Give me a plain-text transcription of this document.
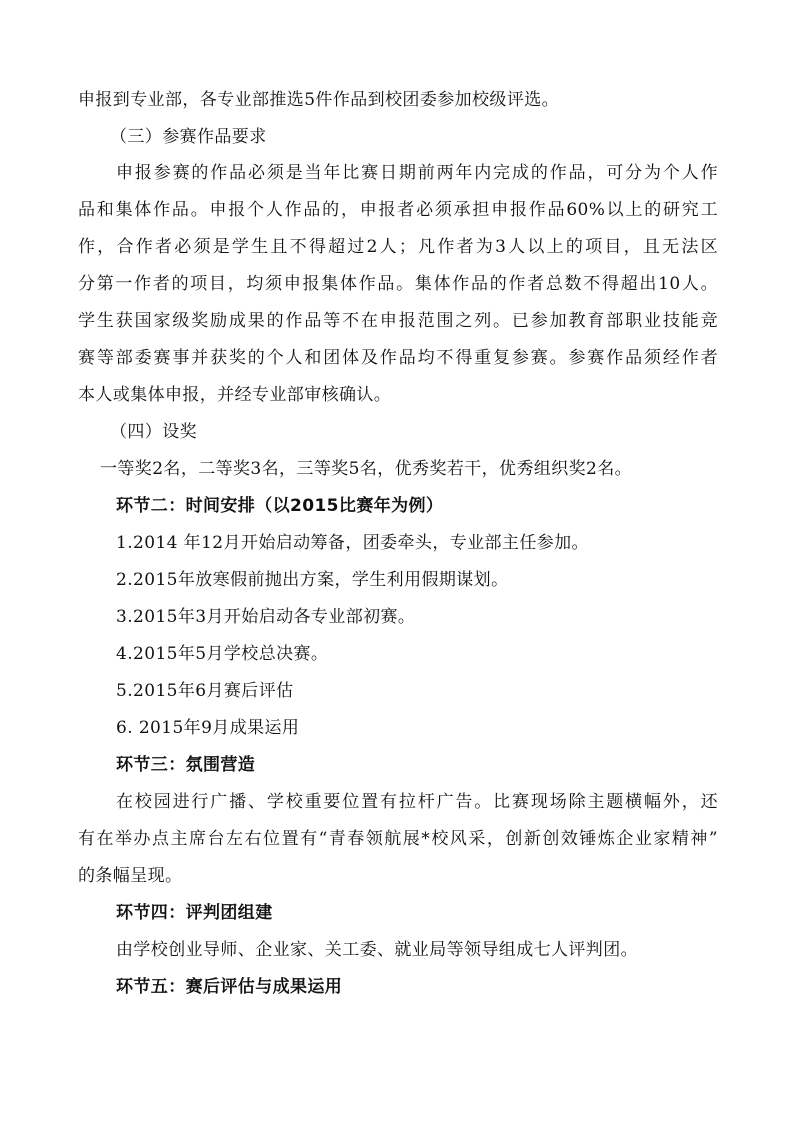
申报到专业部，各专业部推选5件作品到校团委参加校级评选。
（三）参赛作品要求
申报参赛的作品必须是当年比赛日期前两年内完成的作品，可分为个人作
品和集体作品。申报个人作品的，申报者必须承担申报作品60%以上的研究工
作，合作者必须是学生且不得超过2人；凡作者为3人以上的项目，且无法区
分第一作者的项目，均须申报集体作品。集体作品的作者总数不得超出10人。
学生获国家级奖励成果的作品等不在申报范围之列。已参加教育部职业技能竞
赛等部委赛事并获奖的个人和团体及作品均不得重复参赛。参赛作品须经作者
本人或集体申报，并经专业部审核确认。
（四）设奖
一等奖2名，二等奖3名，三等奖5名，优秀奖若干，优秀组织奖2名。
环节二：时间安排（以2015比赛年为例）
1.2014 年12月开始启动筹备，团委牵头，专业部主任参加。
2.2015年放寒假前抛出方案，学生利用假期谋划。
3.2015年3月开始启动各专业部初赛。
4.2015年5月学校总决赛。
5.2015年6月赛后评估
6. 2015年9月成果运用
环节三：氛围营造
在校园进行广播、学校重要位置有拉杆广告。比赛现场除主题横幅外，还
有在举办点主席台左右位置有“青春领航展*校风采，创新创效锤炼企业家精神”
的条幅呈现。
环节四：评判团组建
由学校创业导师、企业家、关工委、就业局等领导组成七人评判团。
环节五：赛后评估与成果运用
